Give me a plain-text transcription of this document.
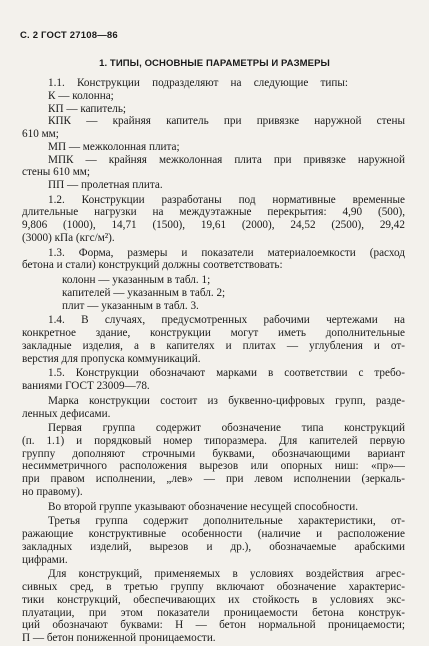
С. 2 ГОСТ 27108—86
1. ТИПЫ, ОСНОВНЫЕ ПАРАМЕТРЫ И РАЗМЕРЫ
1.1. Конструкции подразделяют на следующие типы:
К — колонна;
КП — капитель;
КПК — крайняя капитель при привязке наружной стены
610 мм;
МП — межколонная плита;
МПК — крайняя межколонная плита при привязке наружной
стены 610 мм;
ПП — пролетная плита.
1.2. Конструкции разработаны под нормативные временные
длительные нагрузки на междуэтажные перекрытия: 4,90 (500),
9,806 (1000), 14,71 (1500), 19,61 (2000), 24,52 (2500), 29,42
(3000) кПа (кгс/м²).
1.3. Форма, размеры и показатели материалоемкости (расход
бетона и стали) конструкций должны соответствовать:
колонн — указанным в табл. 1;
капителей — указанным в табл. 2;
плит — указанным в табл. 3.
1.4. В случаях, предусмотренных рабочими чертежами на
конкретное здание, конструкции могут иметь дополнительные
закладные изделия, а в капителях и плитах — углубления и от-
верстия для пропуска коммуникаций.
1.5. Конструкции обозначают марками в соответствии с требо-
ваниями ГОСТ 23009—78.
Марка конструкции состоит из буквенно-цифровых групп, разде-
ленных дефисами.
Первая группа содержит обозначение типа конструкций
(п. 1.1) и порядковый номер типоразмера. Для капителей первую
группу дополняют строчными буквами, обозначающими вариант
несимметричного расположения вырезов или опорных ниш: «пр»—
при правом исполнении, „лев» — при левом исполнении (зеркаль-
но правому).
Во второй группе указывают обозначение несущей способности.
Третья группа содержит дополнительные характеристики, от-
ражающие конструктивные особенности (наличие и расположение
закладных изделий, вырезов и др.), обозначаемые арабскими
цифрами.
Для конструкций, применяемых в условиях воздействия агрес-
сивных сред, в третью группу включают обозначение характерис-
тики конструкций, обеспечивающих их стойкость в условиях экс-
плуатации, при этом показатели проницаемости бетона конструк-
ций обозначают буквами: Н — бетон нормальной проницаемости;
П — бетон пониженной проницаемости.
